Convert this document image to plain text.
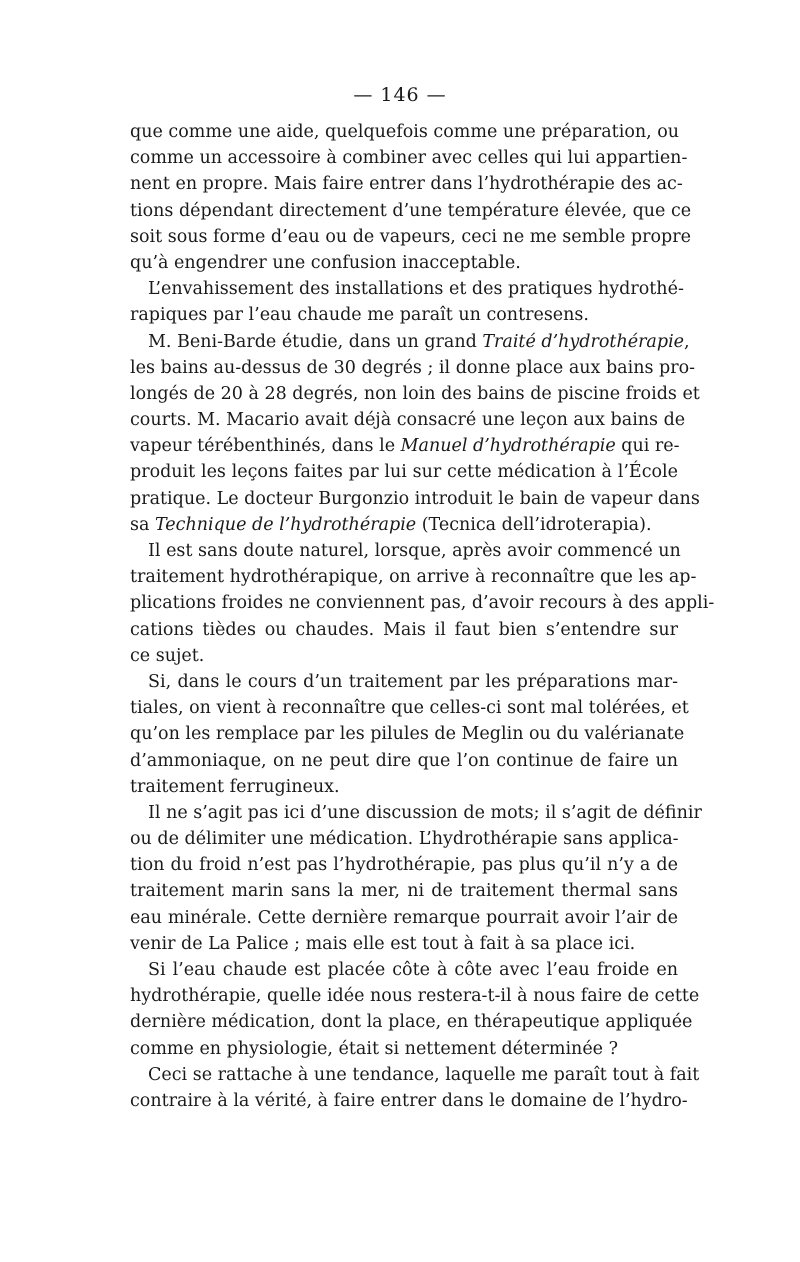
— 146 —
que comme une aide, quelquefois comme une préparation, ou
comme un accessoire à combiner avec celles qui lui appartien-
nent en propre. Mais faire entrer dans l’hydrothérapie des ac-
tions dépendant directement d’une température élevée, que ce
soit sous forme d’eau ou de vapeurs, ceci ne me semble propre
qu’à engendrer une confusion inacceptable.
L’envahissement des installations et des pratiques hydrothé-
rapiques par l’eau chaude me paraît un contresens.
M. Beni-Barde étudie, dans un grand Traité d’hydrothérapie,
les bains au-dessus de 30 degrés ; il donne place aux bains pro-
longés de 20 à 28 degrés, non loin des bains de piscine froids et
courts. M. Macario avait déjà consacré une leçon aux bains de
vapeur térébenthinés, dans le Manuel d’hydrothérapie qui re-
produit les leçons faites par lui sur cette médication à l’École
pratique. Le docteur Burgonzio introduit le bain de vapeur dans
sa Technique de l’hydrothérapie (Tecnica dell’idroterapia).
Il est sans doute naturel, lorsque, après avoir commencé un
traitement hydrothérapique, on arrive à reconnaître que les ap-
plications froides ne conviennent pas, d’avoir recours à des appli-
cations tièdes ou chaudes. Mais il faut bien s’entendre sur
ce sujet.
Si, dans le cours d’un traitement par les préparations mar-
tiales, on vient à reconnaître que celles-ci sont mal tolérées, et
qu’on les remplace par les pilules de Meglin ou du valérianate
d’ammoniaque, on ne peut dire que l’on continue de faire un
traitement ferrugineux.
Il ne s’agit pas ici d’une discussion de mots; il s’agit de définir
ou de délimiter une médication. L’hydrothérapie sans applica-
tion du froid n’est pas l’hydrothérapie, pas plus qu’il n’y a de
traitement marin sans la mer, ni de traitement thermal sans
eau minérale. Cette dernière remarque pourrait avoir l’air de
venir de La Palice ; mais elle est tout à fait à sa place ici.
Si l’eau chaude est placée côte à côte avec l’eau froide en
hydrothérapie, quelle idée nous restera-t-il à nous faire de cette
dernière médication, dont la place, en thérapeutique appliquée
comme en physiologie, était si nettement déterminée ?
Ceci se rattache à une tendance, laquelle me paraît tout à fait
contraire à la vérité, à faire entrer dans le domaine de l’hydro-
